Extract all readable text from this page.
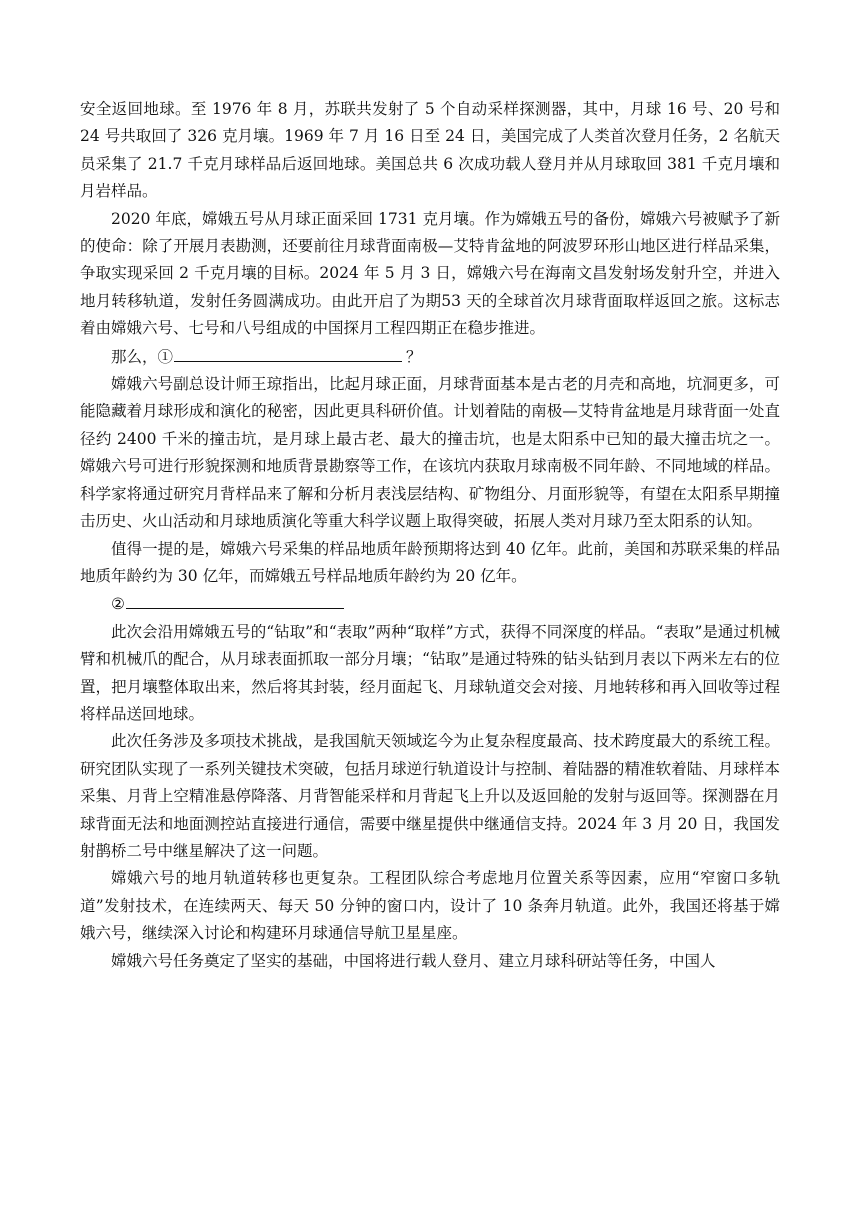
安全返回地球。至 1976 年 8 月，苏联共发射了 5 个自动采样探测器，其中，月球 16 号、20 号和 24 号共取回了 326 克月壤。1969 年 7 月 16 日至 24 日，美国完成了人类首次登月任务，2 名航天员采集了 21.7 千克月球样品后返回地球。美国总共 6 次成功载人登月并从月球取回 381 千克月壤和月岩样品。

2020 年底，嫦娥五号从月球正面采回 1731 克月壤。作为嫦娥五号的备份，嫦娥六号被赋予了新的使命：除了开展月表勘测，还要前往月球背面南极—艾特肯盆地的阿波罗环形山地区进行样品采集，争取实现采回 2 千克月壤的目标。2024 年 5 月 3 日，嫦娥六号在海南文昌发射场发射升空，并进入地月转移轨道，发射任务圆满成功。由此开启了为期53 天的全球首次月球背面取样返回之旅。这标志着由嫦娥六号、七号和八号组成的中国探月工程四期正在稳步推进。

那么，①	？

嫦娥六号副总设计师王琼指出，比起月球正面，月球背面基本是古老的月壳和高地，坑洞更多，可能隐藏着月球形成和演化的秘密，因此更具科研价值。计划着陆的南极—艾特肯盆地是月球背面一处直径约 2400 千米的撞击坑，是月球上最古老、最大的撞击坑，也是太阳系中已知的最大撞击坑之一。嫦娥六号可进行形貌探测和地质背景勘察等工作，在该坑内获取月球南极不同年龄、不同地域的样品。科学家将通过研究月背样品来了解和分析月表浅层结构、矿物组分、月面形貌等，有望在太阳系早期撞击历史、火山活动和月球地质演化等重大科学议题上取得突破，拓展人类对月球乃至太阳系的认知。

值得一提的是，嫦娥六号采集的样品地质年龄预期将达到 40 亿年。此前，美国和苏联采集的样品地质年龄约为 30 亿年，而嫦娥五号样品地质年龄约为 20 亿年。

②

此次会沿用嫦娥五号的“钻取”和“表取”两种“取样”方式，获得不同深度的样品。“表取”是通过机械臂和机械爪的配合，从月球表面抓取一部分月壤；“钻取”是通过特殊的钻头钻到月表以下两米左右的位置，把月壤整体取出来，然后将其封装，经月面起飞、月球轨道交会对接、月地转移和再入回收等过程将样品送回地球。

此次任务涉及多项技术挑战，是我国航天领域迄今为止复杂程度最高、技术跨度最大的系统工程。研究团队实现了一系列关键技术突破，包括月球逆行轨道设计与控制、着陆器的精准软着陆、月球样本采集、月背上空精准悬停降落、月背智能采样和月背起飞上升以及返回舱的发射与返回等。探测器在月球背面无法和地面测控站直接进行通信，需要中继星提供中继通信支持。2024 年 3 月 20 日，我国发射鹊桥二号中继星解决了这一问题。

嫦娥六号的地月轨道转移也更复杂。工程团队综合考虑地月位置关系等因素，应用“窄窗口多轨道”发射技术，在连续两天、每天 50 分钟的窗口内，设计了 10 条奔月轨道。此外，我国还将基于嫦娥六号，继续深入讨论和构建环月球通信导航卫星星座。

嫦娥六号任务奠定了坚实的基础，中国将进行载人登月、建立月球科研站等任务，中国人
